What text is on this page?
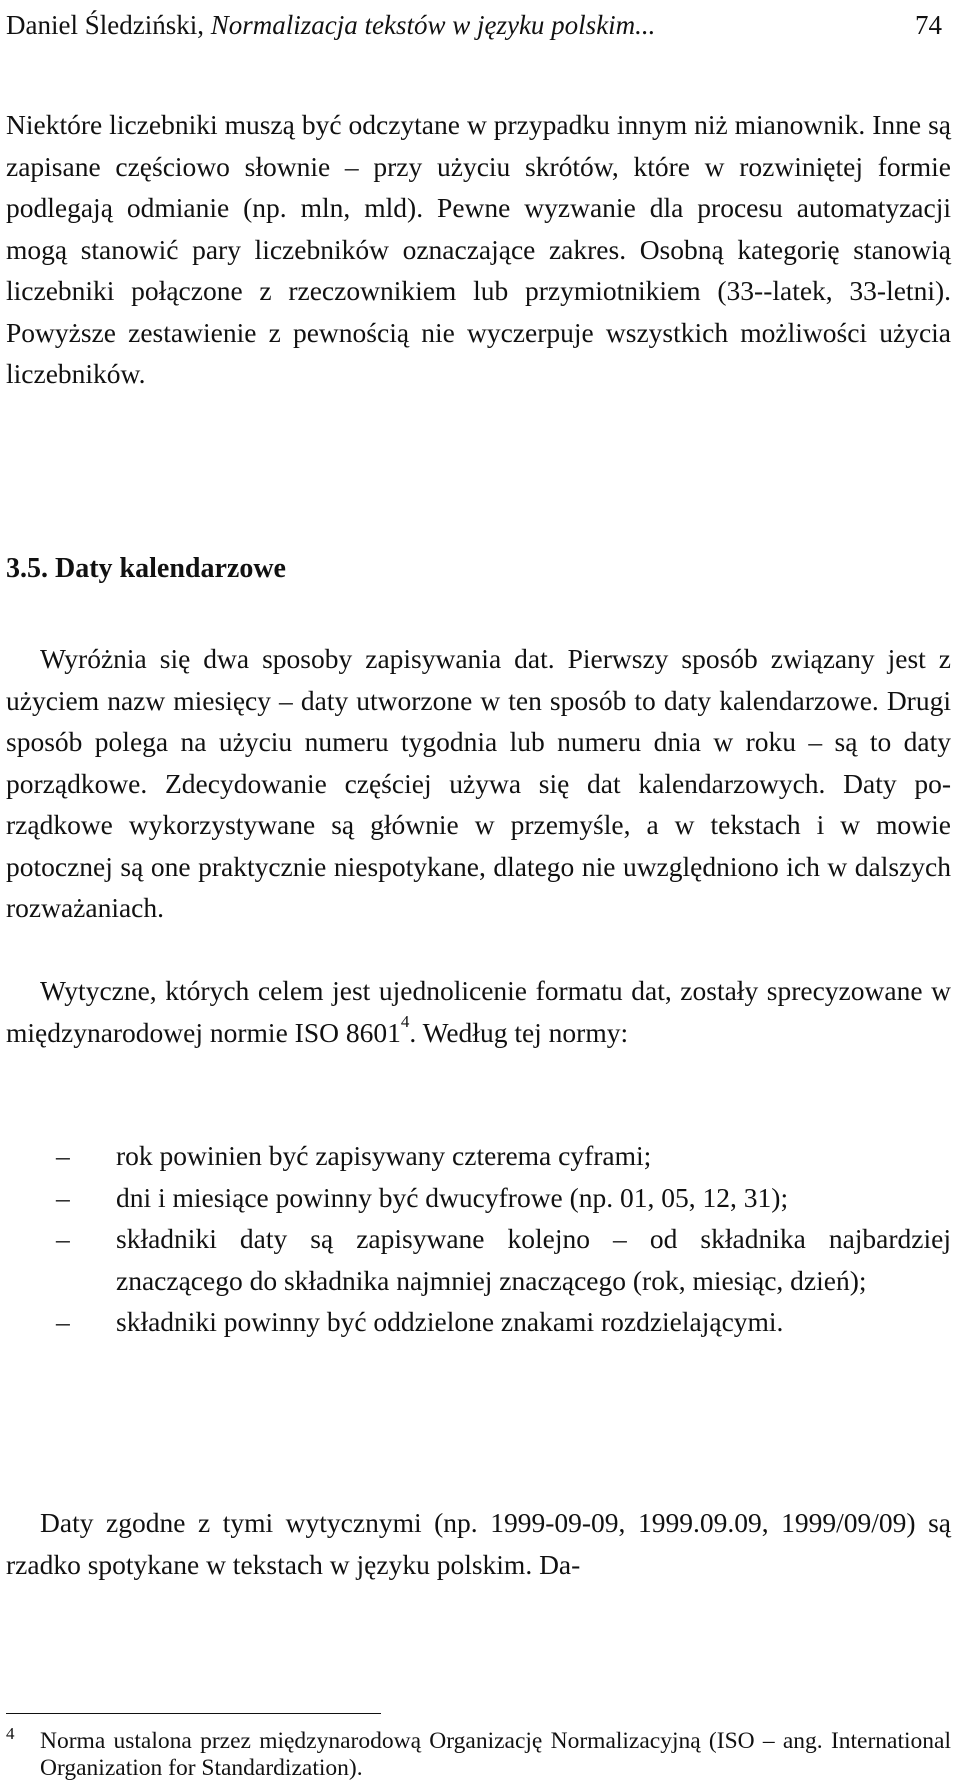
Daniel Śledziński, Normalizacja tekstów w języku polskim...	74

Niektóre liczebniki muszą być odczytane w przypadku innym niż mianownik. Inne są zapisane częściowo słownie – przy użyciu skrótów, które w rozwiniętej formie podlegają odmianie (np. mln, mld). Pewne wyzwanie dla procesu automatyzacji mogą stanowić pary liczebników oznaczające zakres. Osobną kategorię stanowią liczebniki połączone z rzeczownikiem lub przymiotnikiem (33--latek, 33-letni). Powyższe zestawienie z pewnością nie wyczerpuje wszystkich możliwości użycia liczebników.

3.5. Daty kalendarzowe

Wyróżnia się dwa sposoby zapisywania dat. Pierwszy sposób związany jest z użyciem nazw miesięcy – daty utworzone w ten sposób to daty kalendarzowe. Drugi sposób polega na użyciu numeru tygodnia lub numeru dnia w roku – są to daty porządkowe. Zdecydowanie częściej używa się dat kalendarzowych. Daty porządkowe wykorzystywane są głównie w przemyśle, a w tekstach i w mowie potocznej są one praktycznie niespotykane, dlatego nie uwzględniono ich w dalszych rozważaniach.

Wytyczne, których celem jest ujednolicenie formatu dat, zostały sprecyzowane w międzynarodowej normie ISO 8601$^4$. Według tej normy:

– rok powinien być zapisywany czterema cyframi;
– dni i miesiące powinny być dwucyfrowe (np. 01, 05, 12, 31);
– składniki daty są zapisywane kolejno – od składnika najbardziej znaczącego do składnika najmniej znaczącego (rok, miesiąc, dzień);
– składniki powinny być oddzielone znakami rozdzielającymi.

Daty zgodne z tymi wytycznymi (np. 1999-09-09, 1999.09.09, 1999/09/09) są rzadko spotykane w tekstach w języku polskim. Da-

4 Norma ustalona przez międzynarodową Organizację Normalizacyjną (ISO – ang. International Organization for Standardization).
